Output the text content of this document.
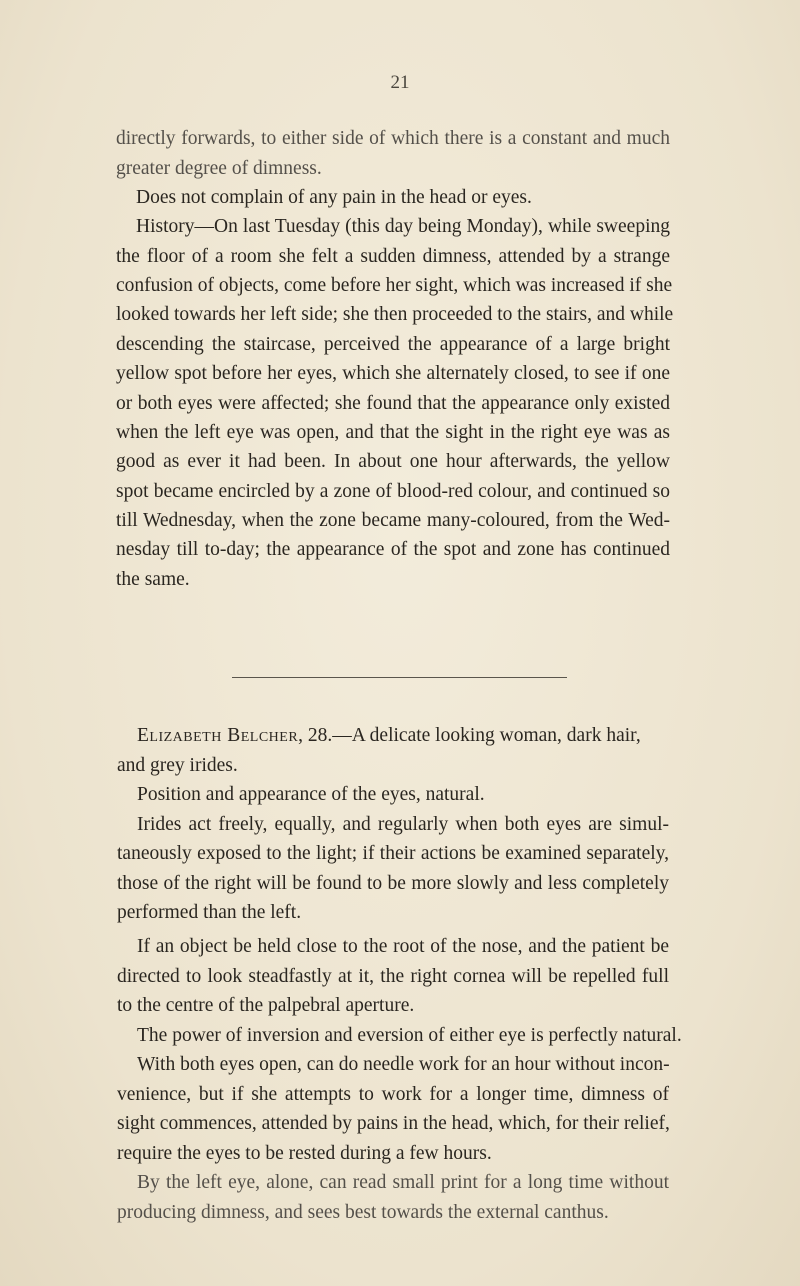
21
directly forwards, to either side of which there is a constant and much
greater degree of dimness.
Does not complain of any pain in the head or eyes.
History—On last Tuesday (this day being Monday), while sweeping
the floor of a room she felt a sudden dimness, attended by a strange
confusion of objects, come before her sight, which was increased if she
looked towards her left side; she then proceeded to the stairs, and while
descending the staircase, perceived the appearance of a large bright
yellow spot before her eyes, which she alternately closed, to see if one
or both eyes were affected; she found that the appearance only existed
when the left eye was open, and that the sight in the right eye was as
good as ever it had been. In about one hour afterwards, the yellow
spot became encircled by a zone of blood-red colour, and continued so
till Wednesday, when the zone became many-coloured, from the Wed-
nesday till to-day; the appearance of the spot and zone has continued
the same.
Elizabeth Belcher, 28.—A delicate looking woman, dark hair,
and grey irides.
Position and appearance of the eyes, natural.
Irides act freely, equally, and regularly when both eyes are simul-
taneously exposed to the light; if their actions be examined separately,
those of the right will be found to be more slowly and less completely
performed than the left.
If an object be held close to the root of the nose, and the patient be
directed to look steadfastly at it, the right cornea will be repelled full
to the centre of the palpebral aperture.
The power of inversion and eversion of either eye is perfectly natural.
With both eyes open, can do needle work for an hour without incon-
venience, but if she attempts to work for a longer time, dimness of
sight commences, attended by pains in the head, which, for their relief,
require the eyes to be rested during a few hours.
By the left eye, alone, can read small print for a long time without
producing dimness, and sees best towards the external canthus.
